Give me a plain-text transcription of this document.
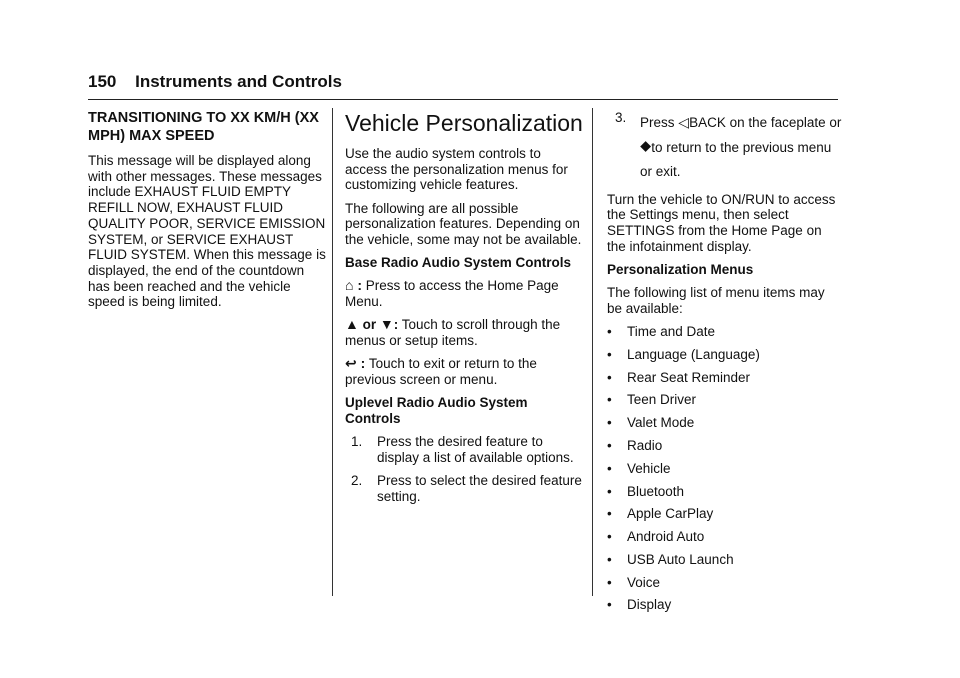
150 Instruments and Controls

TRANSITIONING TO XX KM/H (XX MPH) MAX SPEED

This message will be displayed along with other messages. These messages include EXHAUST FLUID EMPTY REFILL NOW, EXHAUST FLUID QUALITY POOR, SERVICE EMISSION SYSTEM, or SERVICE EXHAUST FLUID SYSTEM. When this message is displayed, the end of the countdown has been reached and the vehicle speed is being limited.

Vehicle Personalization

Use the audio system controls to access the personalization menus for customizing vehicle features.

The following are all possible personalization features. Depending on the vehicle, some may not be available.

Base Radio Audio System Controls

⌂ : Press to access the Home Page Menu.

▲ or ▼: Touch to scroll through the menus or setup items.

↩ : Touch to exit or return to the previous screen or menu.

Uplevel Radio Audio System Controls

1. Press the desired feature to display a list of available options.
2. Press to select the desired feature setting.
3. Press ◁BACK on the faceplate or ⯁to return to the previous menu or exit.

Turn the vehicle to ON/RUN to access the Settings menu, then select SETTINGS from the Home Page on the infotainment display.

Personalization Menus

The following list of menu items may be available:

• Time and Date
• Language (Language)
• Rear Seat Reminder
• Teen Driver
• Valet Mode
• Radio
• Vehicle
• Bluetooth
• Apple CarPlay
• Android Auto
• USB Auto Launch
• Voice
• Display
